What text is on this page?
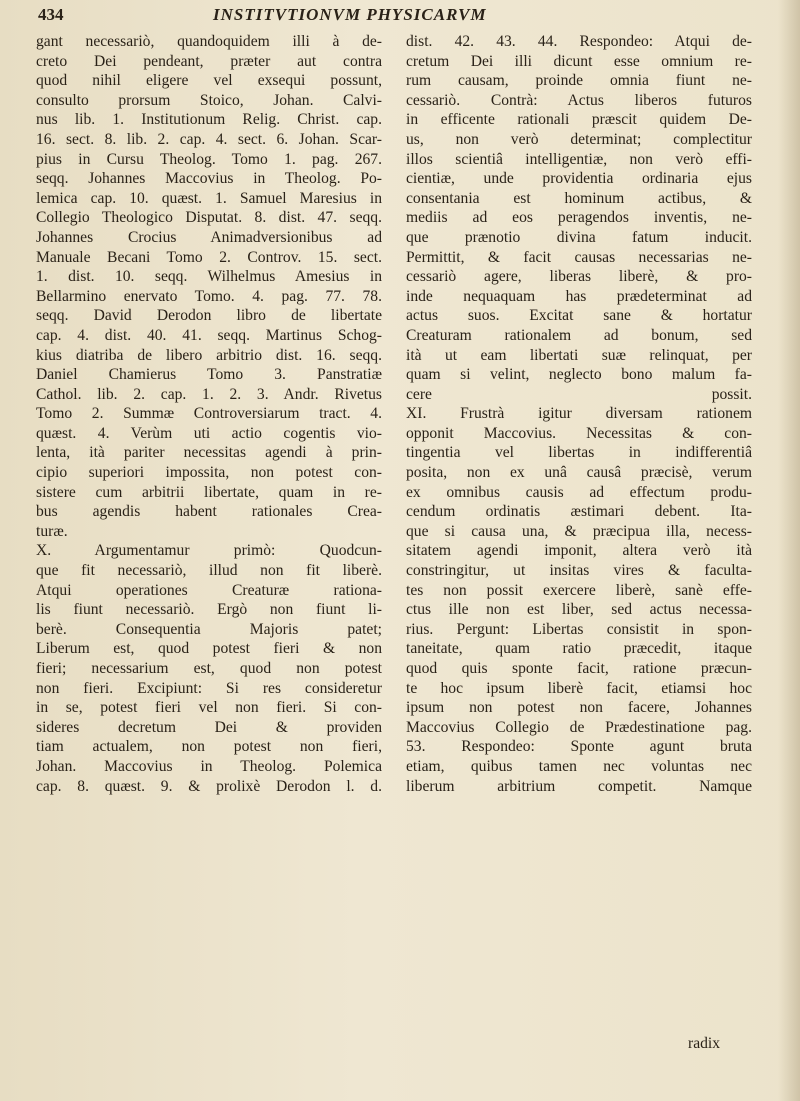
434	INSTITVTIONVM PHYSICARVM
gant necessariò, quandoquidem illi à de-
creto Dei pendeant, præter aut contra
quod nihil eligere vel exsequi possunt,
consulto prorsum Stoico, Johan. Calvi-
nus lib. 1. Institutionum Relig. Christ. cap.
16. sect. 8. lib. 2. cap. 4. sect. 6. Johan. Scar-
pius in Cursu Theolog. Tomo 1. pag. 267.
seqq. Johannes Maccovius in Theolog. Po-
lemica cap. 10. quæst. 1. Samuel Maresius in
Collegio Theologico Disputat. 8. dist. 47. seqq.
Johannes Crocius Animadversionibus ad
Manuale Becani Tomo 2. Controv. 15. sect.
1. dist. 10. seqq. Wilhelmus Amesius in
Bellarmino enervato Tomo. 4. pag. 77. 78.
seqq. David Derodon libro de libertate
cap. 4. dist. 40. 41. seqq. Martinus Schog-
kius diatriba de libero arbitrio dist. 16. seqq.
Daniel Chamierus Tomo 3. Panstratiæ
Cathol. lib. 2. cap. 1. 2. 3. Andr. Rivetus
Tomo 2. Summæ Controversiarum tract. 4.
quæst. 4. Verùm uti actio cogentis vio-
lenta, ità pariter necessitas agendi à prin-
cipio superiori impossita, non potest con-
sistere cum arbitrii libertate, quam in re-
bus agendis habent rationales Crea-
turæ.
X. Argumentamur primò: Quodcun-
que fit necessariò, illud non fit liberè.
Atqui operationes Creaturæ rationa-
lis fiunt necessariò. Ergò non fiunt li-
berè. Consequentia Majoris patet;
Liberum est, quod potest fieri & non
fieri; necessarium est, quod non potest
non fieri. Excipiunt: Si res consideretur
in se, potest fieri vel non fieri. Si con-
sideres decretum Dei & providen
tiam actualem, non potest non fieri,
Johan. Maccovius in Theolog. Polemica
cap. 8. quæst. 9. & prolixè Derodon l. d.
dist. 42. 43. 44. Respondeo: Atqui de-
cretum Dei illi dicunt esse omnium re-
rum causam, proinde omnia fiunt ne-
cessariò. Contrà: Actus liberos futuros
in efficente rationali præscit quidem De-
us, non verò determinat; complectitur
illos scientiâ intelligentiæ, non verò effi-
cientiæ, unde providentia ordinaria ejus
consentania est hominum actibus, &
mediis ad eos peragendos inventis, ne-
que prænotio divina fatum inducit.
Permittit, & facit causas necessarias ne-
cessariò agere, liberas liberè, & pro-
inde nequaquam has prædeterminat ad
actus suos. Excitat sane & hortatur
Creaturam rationalem ad bonum, sed
ità ut eam libertati suæ relinquat, per
quam si velint, neglecto bono malum fa-
cere possit.
XI. Frustrà igitur diversam rationem
opponit Maccovius. Necessitas & con-
tingentia vel libertas in indifferentiâ
posita, non ex unâ causâ præcisè, verum
ex omnibus causis ad effectum produ-
cendum ordinatis æstimari debent. Ita-
que si causa una, & præcipua illa, necess-
sitatem agendi imponit, altera verò ità
constringitur, ut insitas vires & faculta-
tes non possit exercere liberè, sanè effe-
ctus ille non est liber, sed actus necessa-
rius. Pergunt: Libertas consistit in spon-
taneitate, quam ratio præcedit, itaque
quod quis sponte facit, ratione præcun-
te hoc ipsum liberè facit, etiamsi hoc
ipsum non potest non facere, Johannes
Maccovius Collegio de Prædestinatione pag.
53. Respondeo: Sponte agunt bruta
etiam, quibus tamen nec voluntas nec
liberum arbitrium competit. Namque
radix
